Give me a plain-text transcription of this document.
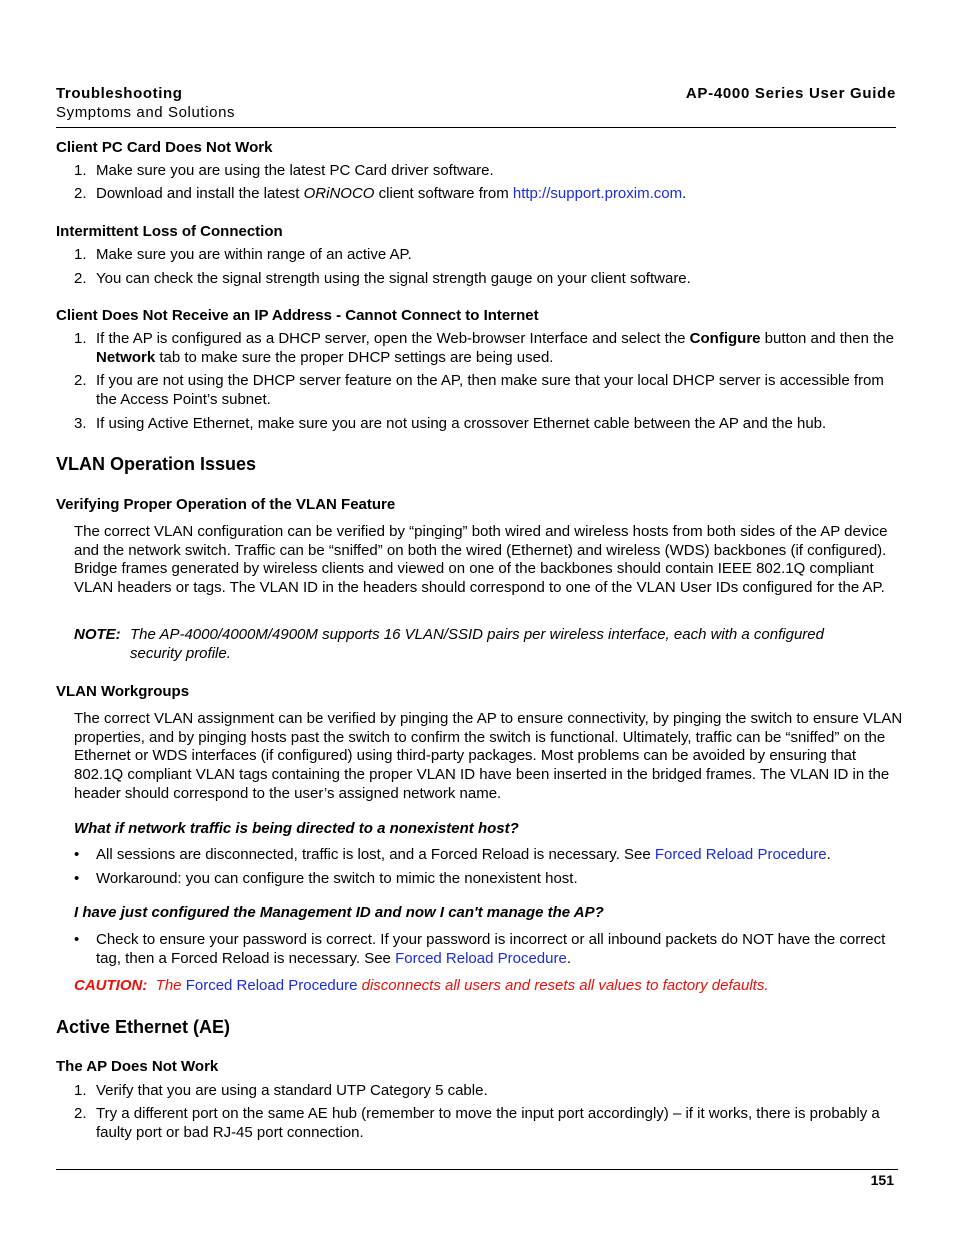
Troubleshooting
Symptoms and Solutions
AP-4000 Series User Guide
Client PC Card Does Not Work
1. Make sure you are using the latest PC Card driver software.
2. Download and install the latest ORiNOCO client software from http://support.proxim.com.
Intermittent Loss of Connection
1. Make sure you are within range of an active AP.
2. You can check the signal strength using the signal strength gauge on your client software.
Client Does Not Receive an IP Address - Cannot Connect to Internet
1. If the AP is configured as a DHCP server, open the Web-browser Interface and select the Configure button and then the Network tab to make sure the proper DHCP settings are being used.
2. If you are not using the DHCP server feature on the AP, then make sure that your local DHCP server is accessible from the Access Point’s subnet.
3. If using Active Ethernet, make sure you are not using a crossover Ethernet cable between the AP and the hub.
VLAN Operation Issues
Verifying Proper Operation of the VLAN Feature
The correct VLAN configuration can be verified by “pinging” both wired and wireless hosts from both sides of the AP device and the network switch. Traffic can be “sniffed” on both the wired (Ethernet) and wireless (WDS) backbones (if configured). Bridge frames generated by wireless clients and viewed on one of the backbones should contain IEEE 802.1Q compliant VLAN headers or tags. The VLAN ID in the headers should correspond to one of the VLAN User IDs configured for the AP.
NOTE: The AP-4000/4000M/4900M supports 16 VLAN/SSID pairs per wireless interface, each with a configured security profile.
VLAN Workgroups
The correct VLAN assignment can be verified by pinging the AP to ensure connectivity, by pinging the switch to ensure VLAN properties, and by pinging hosts past the switch to confirm the switch is functional. Ultimately, traffic can be “sniffed” on the Ethernet or WDS interfaces (if configured) using third-party packages. Most problems can be avoided by ensuring that 802.1Q compliant VLAN tags containing the proper VLAN ID have been inserted in the bridged frames. The VLAN ID in the header should correspond to the user’s assigned network name.
What if network traffic is being directed to a nonexistent host?
• All sessions are disconnected, traffic is lost, and a Forced Reload is necessary. See Forced Reload Procedure.
• Workaround: you can configure the switch to mimic the nonexistent host.
I have just configured the Management ID and now I can't manage the AP?
• Check to ensure your password is correct. If your password is incorrect or all inbound packets do NOT have the correct tag, then a Forced Reload is necessary. See Forced Reload Procedure.
CAUTION: The Forced Reload Procedure disconnects all users and resets all values to factory defaults.
Active Ethernet (AE)
The AP Does Not Work
1. Verify that you are using a standard UTP Category 5 cable.
2. Try a different port on the same AE hub (remember to move the input port accordingly) – if it works, there is probably a faulty port or bad RJ-45 port connection.
151
